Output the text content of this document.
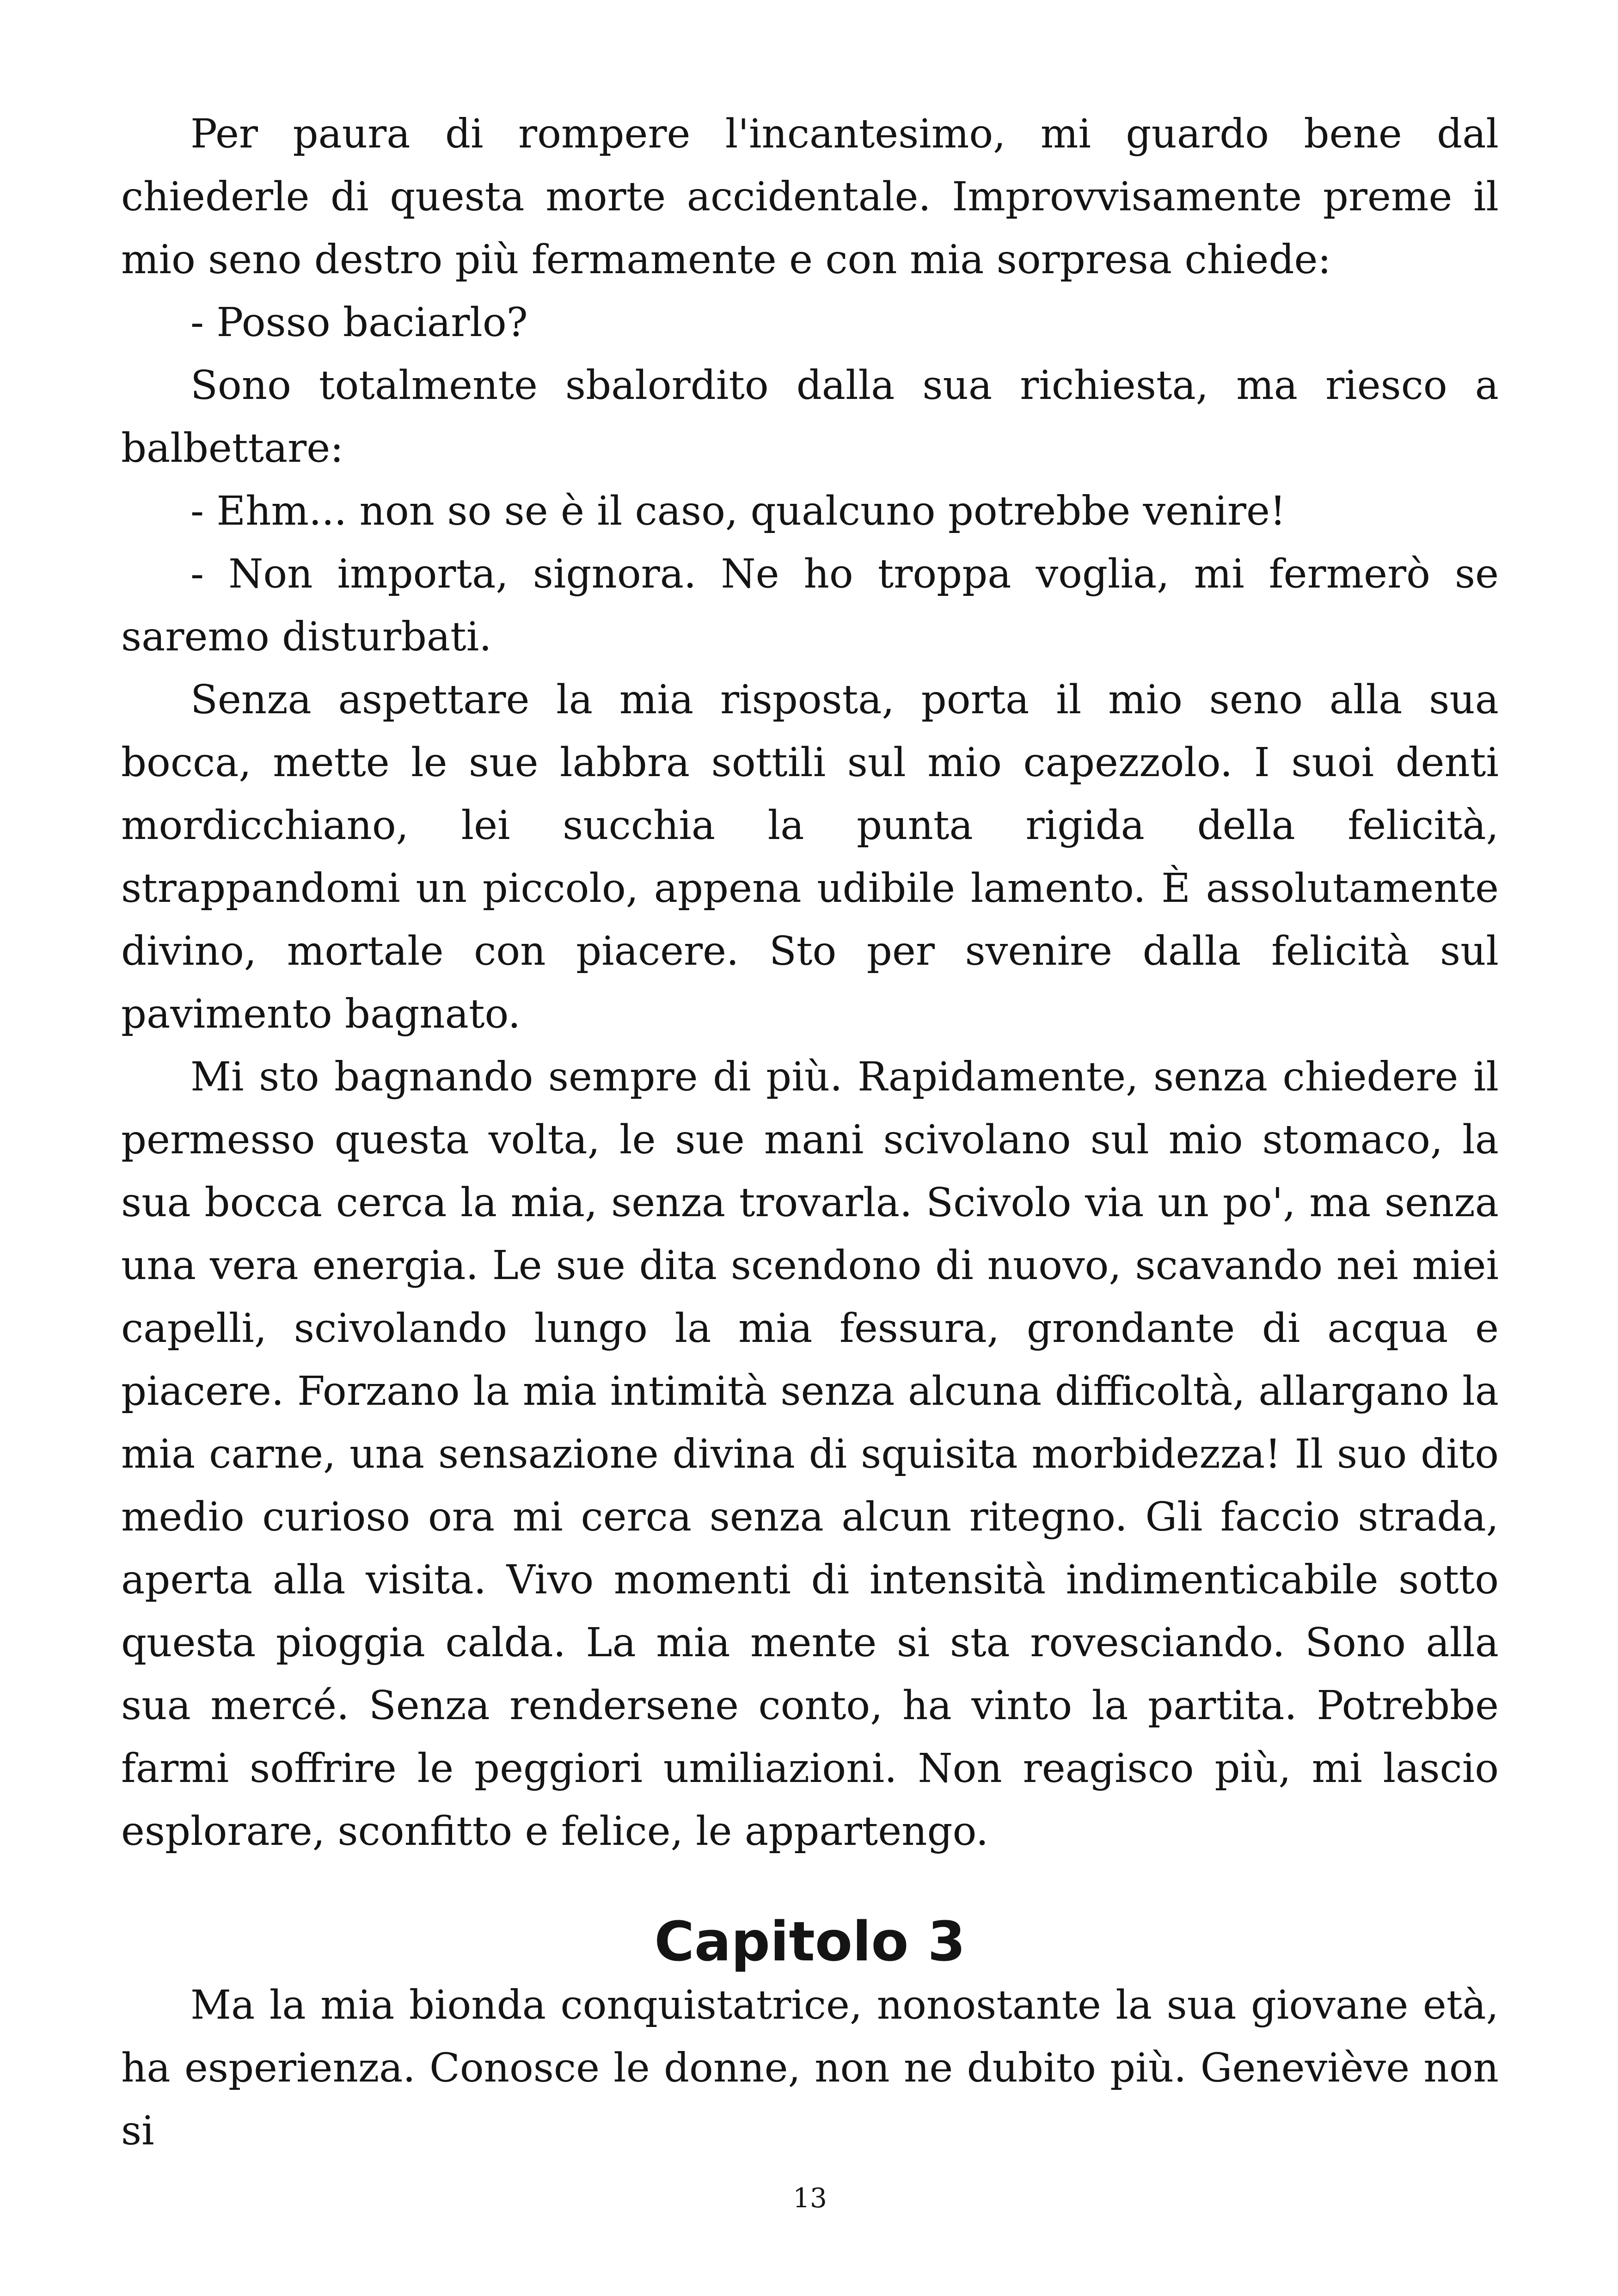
Per paura di rompere l'incantesimo, mi guardo bene dal chiederle di questa morte accidentale. Improvvisamente preme il mio seno destro più fermamente e con mia sorpresa chiede:

- Posso baciarlo?

Sono totalmente sbalordito dalla sua richiesta, ma riesco a balbettare:

- Ehm... non so se è il caso, qualcuno potrebbe venire!

- Non importa, signora. Ne ho troppa voglia, mi fermerò se saremo disturbati.

Senza aspettare la mia risposta, porta il mio seno alla sua bocca, mette le sue labbra sottili sul mio capezzolo. I suoi denti mordicchiano, lei succhia la punta rigida della felicità, strappandomi un piccolo, appena udibile lamento. È assolutamente divino, mortale con piacere. Sto per svenire dalla felicità sul pavimento bagnato.

Mi sto bagnando sempre di più. Rapidamente, senza chiedere il permesso questa volta, le sue mani scivolano sul mio stomaco, la sua bocca cerca la mia, senza trovarla. Scivolo via un po', ma senza una vera energia. Le sue dita scendono di nuovo, scavando nei miei capelli, scivolando lungo la mia fessura, grondante di acqua e piacere. Forzano la mia intimità senza alcuna difficoltà, allargano la mia carne, una sensazione divina di squisita morbidezza! Il suo dito medio curioso ora mi cerca senza alcun ritegno. Gli faccio strada, aperta alla visita. Vivo momenti di intensità indimenticabile sotto questa pioggia calda. La mia mente si sta rovesciando. Sono alla sua mercé. Senza rendersene conto, ha vinto la partita. Potrebbe farmi soffrire le peggiori umiliazioni. Non reagisco più, mi lascio esplorare, sconfitto e felice, le appartengo.

Capitolo 3

Ma la mia bionda conquistatrice, nonostante la sua giovane età, ha esperienza. Conosce le donne, non ne dubito più. Geneviève non si

13
